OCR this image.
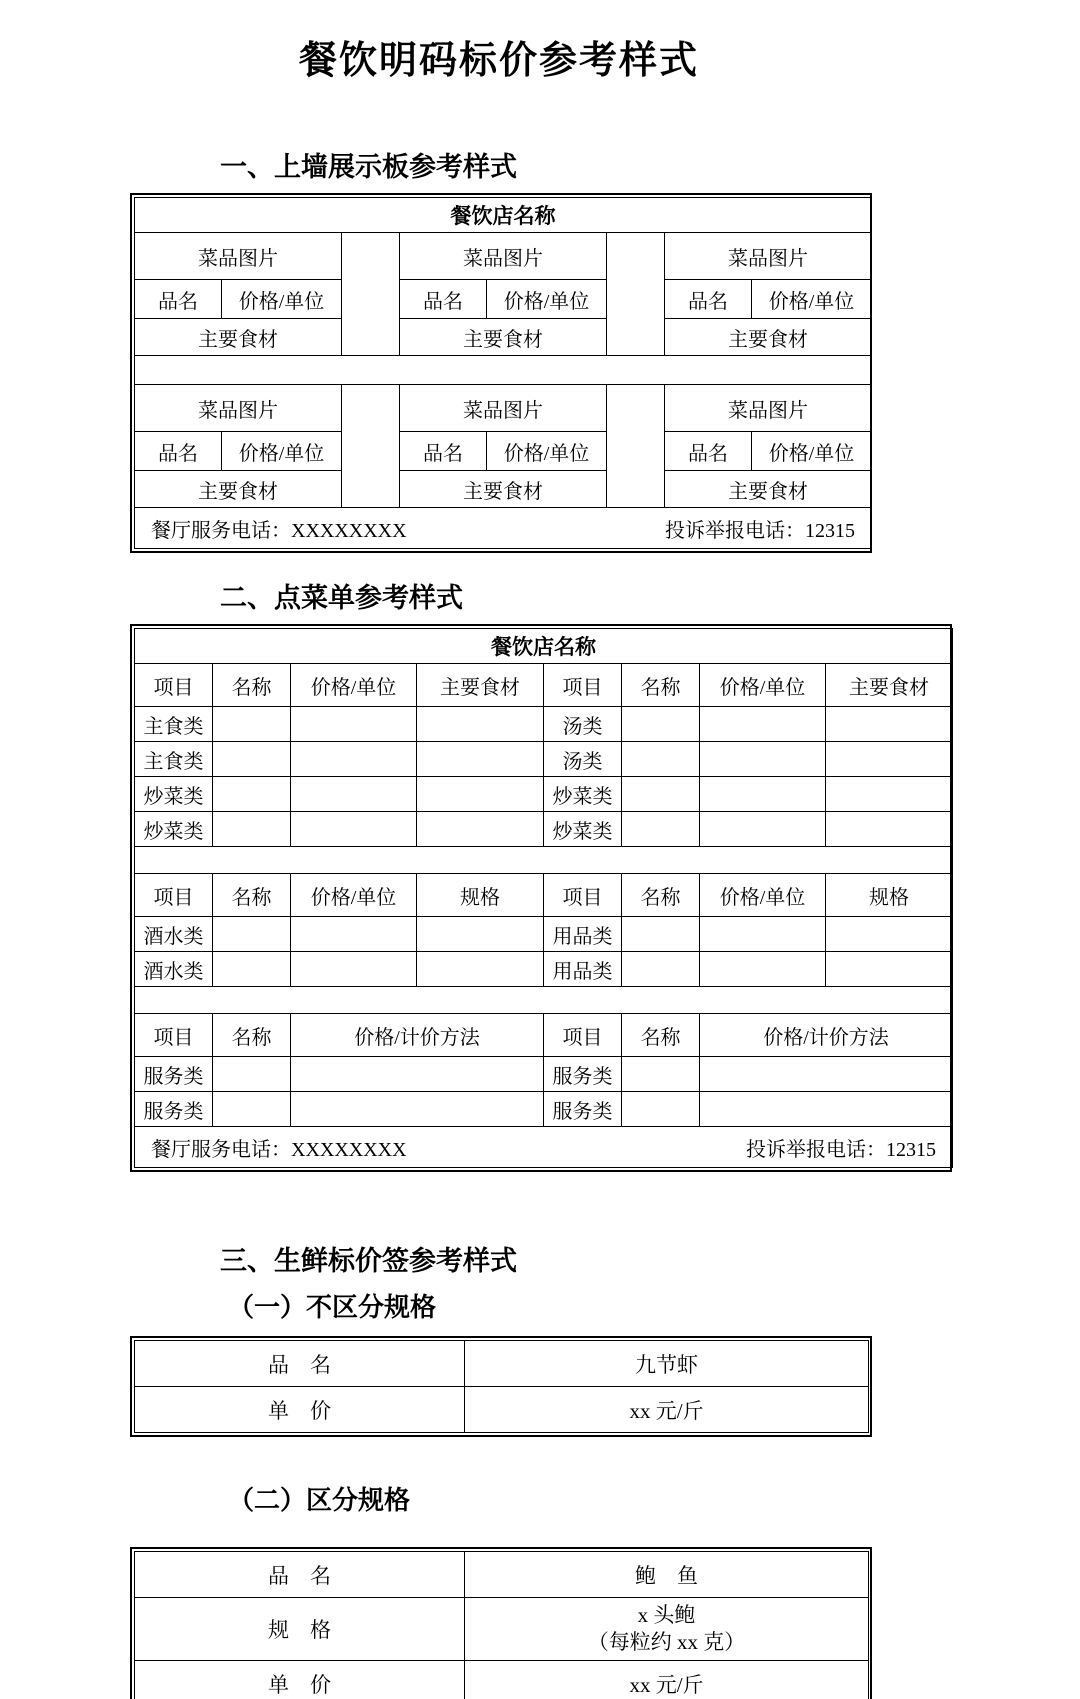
餐饮明码标价参考样式
一、上墙展示板参考样式
餐饮店名称							
菜品图片			菜品图片			菜品图片	
品名	价格/单位		品名	价格/单位		品名	价格/单位
主要食材			主要食材			主要食材	

菜品图片			菜品图片			菜品图片	
品名	价格/单位		品名	价格/单位		品名	价格/单位
主要食材			主要食材			主要食材	

餐厅服务电话：XXXXXXXX 投诉举报电话：12315							
二、点菜单参考样式
餐饮店名称							
项目	名称	价格/单位	主要食材	项目	名称	价格/单位	主要食材
主食类				汤类			
主食类				汤类			
炒菜类				炒菜类			
炒菜类				炒菜类			

项目	名称	价格/单位	规格	项目	名称	价格/单位	规格
酒水类				用品类			
酒水类				用品类			

项目	名称	价格/计价方法		项目	名称	价格/计价方法	
服务类				服务类			
服务类				服务类			

餐厅服务电话：XXXXXXXX 投诉举报电话：12315							
三、生鲜标价签参考样式
（一）不区分规格
品　名	九节虾
单　价	xx 元/斤
（二）区分规格
品　名	鲍　鱼
规　格	x 头鲍
（每粒约 xx 克）

单　价	xx 元/斤
